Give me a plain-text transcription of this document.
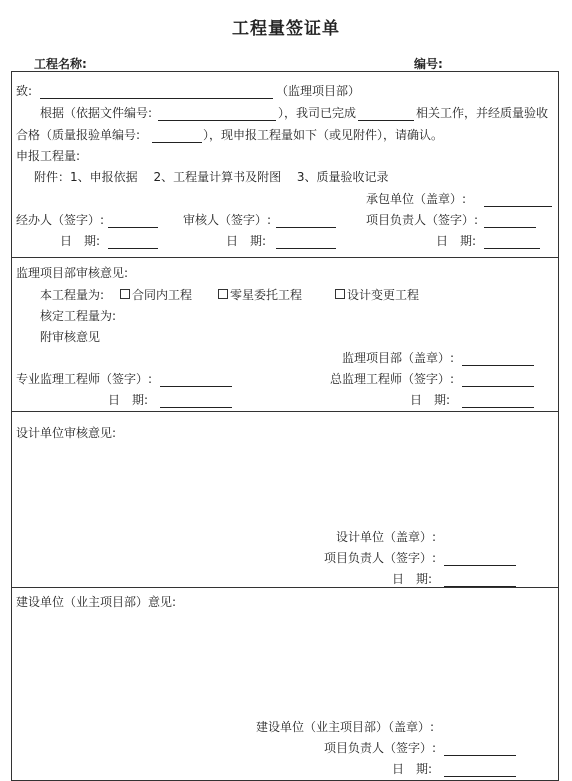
工程量签证单
工程名称:	编号:
致:	（监理项目部）
根据（依据文件编号:	），我司已完成	相关工作，并经质量验收
合格（质量报验单编号:	），现申报工程量如下（或见附件），请确认。
申报工程量:
附件：1、申报依据　 2、工程量计算书及附图　 3、质量验收记录
承包单位（盖章）:
经办人（签字）:	审核人（签字）:	项目负责人（签字）:
日　期:	日　期:	日　期:
监理项目部审核意见:
本工程量为:	合同内工程	零星委托工程	设计变更工程
核定工程量为:
附审核意见
监理项目部（盖章）:
专业监理工程师（签字）:	总监理工程师（签字）:
日　期:	日　期:
设计单位审核意见:
设计单位（盖章）:
项目负责人（签字）:
日　期:
建设单位（业主项目部）意见:
建设单位（业主项目部）（盖章）:
项目负责人（签字）:
日　期:
